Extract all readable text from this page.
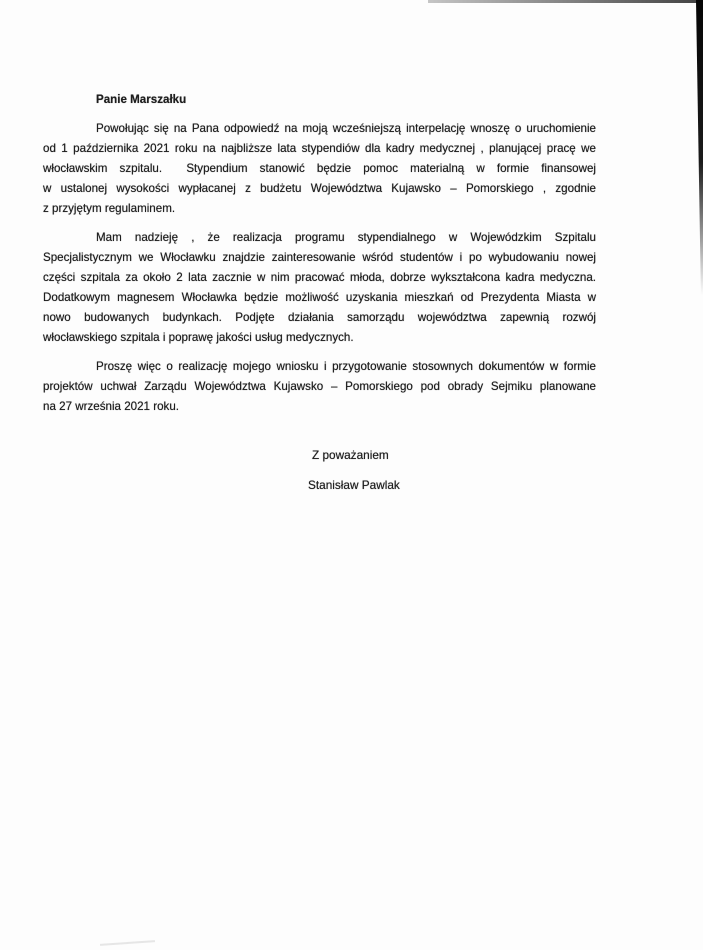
Panie Marszałku

Powołując się na Pana odpowiedź na moją wcześniejszą interpelację wnoszę o uruchomienie
od 1 października 2021 roku na najbliższe lata stypendiów dla kadry medycznej , planującej pracę we
włocławskim szpitalu.  Stypendium stanowić będzie pomoc materialną w formie finansowej
w ustalonej wysokości wypłacanej z budżetu Województwa Kujawsko – Pomorskiego , zgodnie
z przyjętym regulaminem.
Mam nadzieję , że realizacja programu stypendialnego w Wojewódzkim Szpitalu
Specjalistycznym we Włocławku znajdzie zainteresowanie wśród studentów i po wybudowaniu nowej
części szpitala za około 2 lata zacznie w nim pracować młoda, dobrze wykształcona kadra medyczna.
Dodatkowym magnesem Włocławka będzie możliwość uzyskania mieszkań od Prezydenta Miasta w
nowo budowanych budynkach. Podjęte działania samorządu województwa zapewnią rozwój
włocławskiego szpitala i poprawę jakości usług medycznych.
Proszę więc o realizację mojego wniosku i przygotowanie stosownych dokumentów w formie
projektów uchwał Zarządu Województwa Kujawsko – Pomorskiego pod obrady Sejmiku planowane
na 27 września 2021 roku.
Z poważaniem
Stanisław Pawlak
